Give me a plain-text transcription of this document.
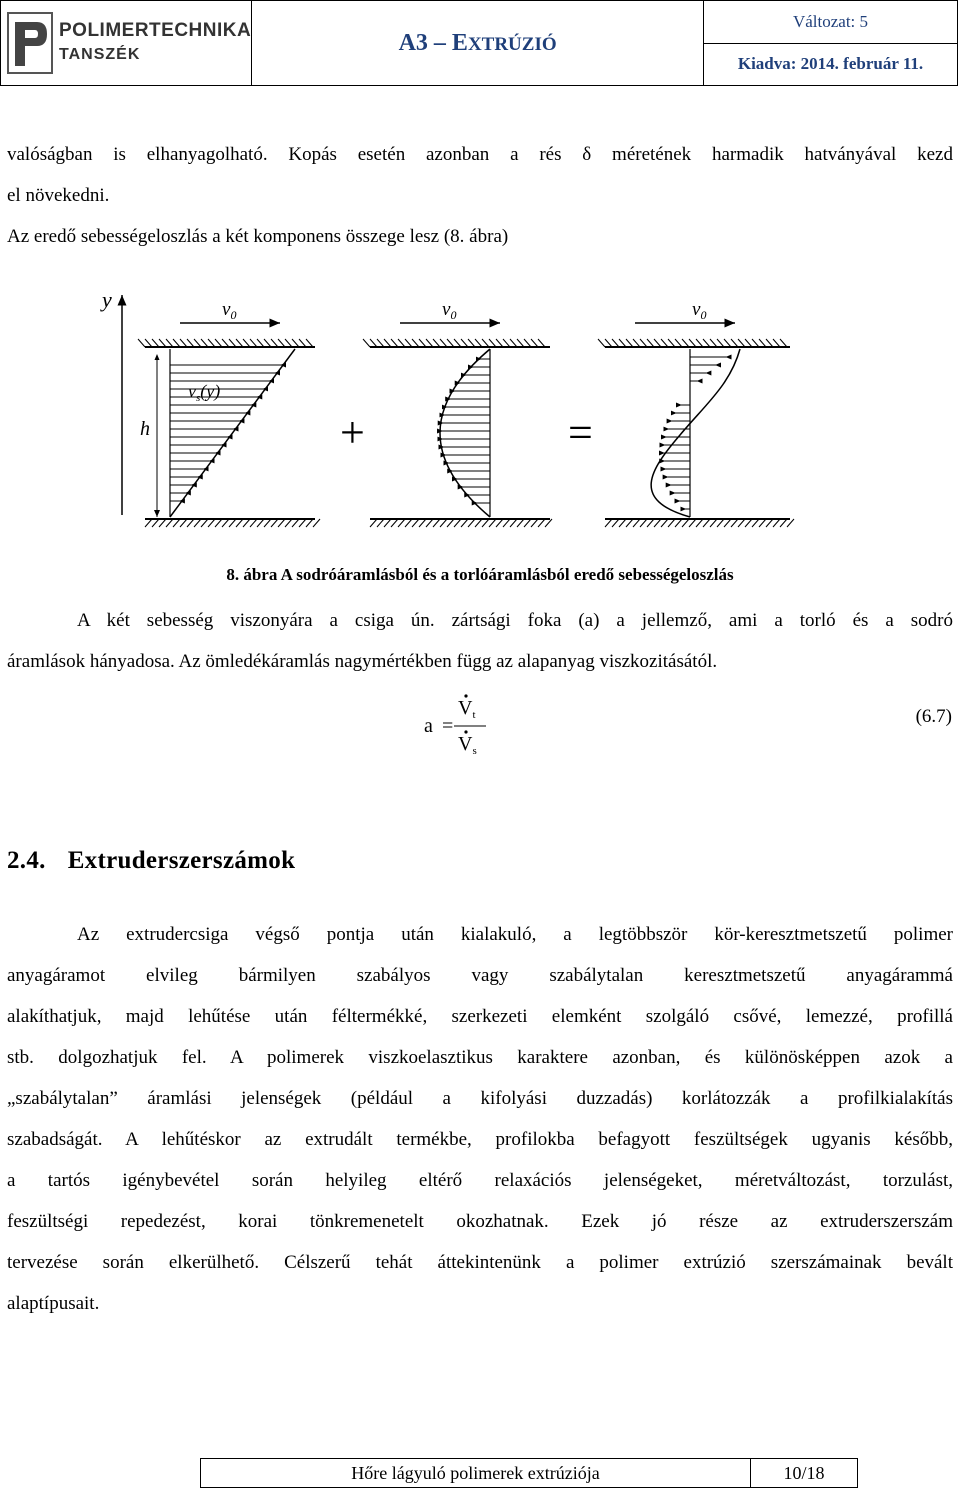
POLIMERTECHNIKA
TANSZÉK	A3 – EXTRÚZIÓ	Változat: 5
Kiadva: 2014. február 11.

valóságban is elhanyagolható. Kopás esetén azonban a rés δ méretének harmadik hatványával kezd

el növekedni.

Az eredő sebességeloszlás a két komponens összege lesz (8. ábra)

y
h
$v_0$	$v_0$	$v_0$
$v_s(y)$
+	=
8. ábra A sodróáramlásból és a torlóáramlásból eredő sebességeloszlás

A két sebesség viszonyára a csiga ún. zártsági foka (a) a jellemző, ami a torló és a sodró

áramlások hányadosa. Az ömledékáramlás nagymértékben függ az alapanyag viszkozitásától.

a =
$V_t$
$V_s$
(6.7)
2.4. Extruderszerszámok

Az extrudercsiga végső pontja után kialakuló, a legtöbbször kör-keresztmetszetű polimer

anyagáramot elvileg bármilyen szabályos vagy szabálytalan keresztmetszetű anyagárammá

alakíthatjuk, majd lehűtése után féltermékké, szerkezeti elemként szolgáló csővé, lemezzé, profillá

stb. dolgozhatjuk fel. A polimerek viszkoelasztikus karaktere azonban, és különösképpen azok a

„szabálytalan” áramlási jelenségek (például a kifolyási duzzadás) korlátozzák a profilkialakítás

szabadságát. A lehűtéskor az extrudált termékbe, profilokba befagyott feszültségek ugyanis később,

a tartós igénybevétel során helyileg eltérő relaxációs jelenségeket, méretváltozást, torzulást,

feszültségi repedezést, korai tönkremenetelt okozhatnak. Ezek jó része az extruderszerszám

tervezése során elkerülhető. Célszerű tehát áttekintenünk a polimer extrúzió szerszámainak bevált

alaptípusait.

Hőre lágyuló polimerek extrúziója	10/18
